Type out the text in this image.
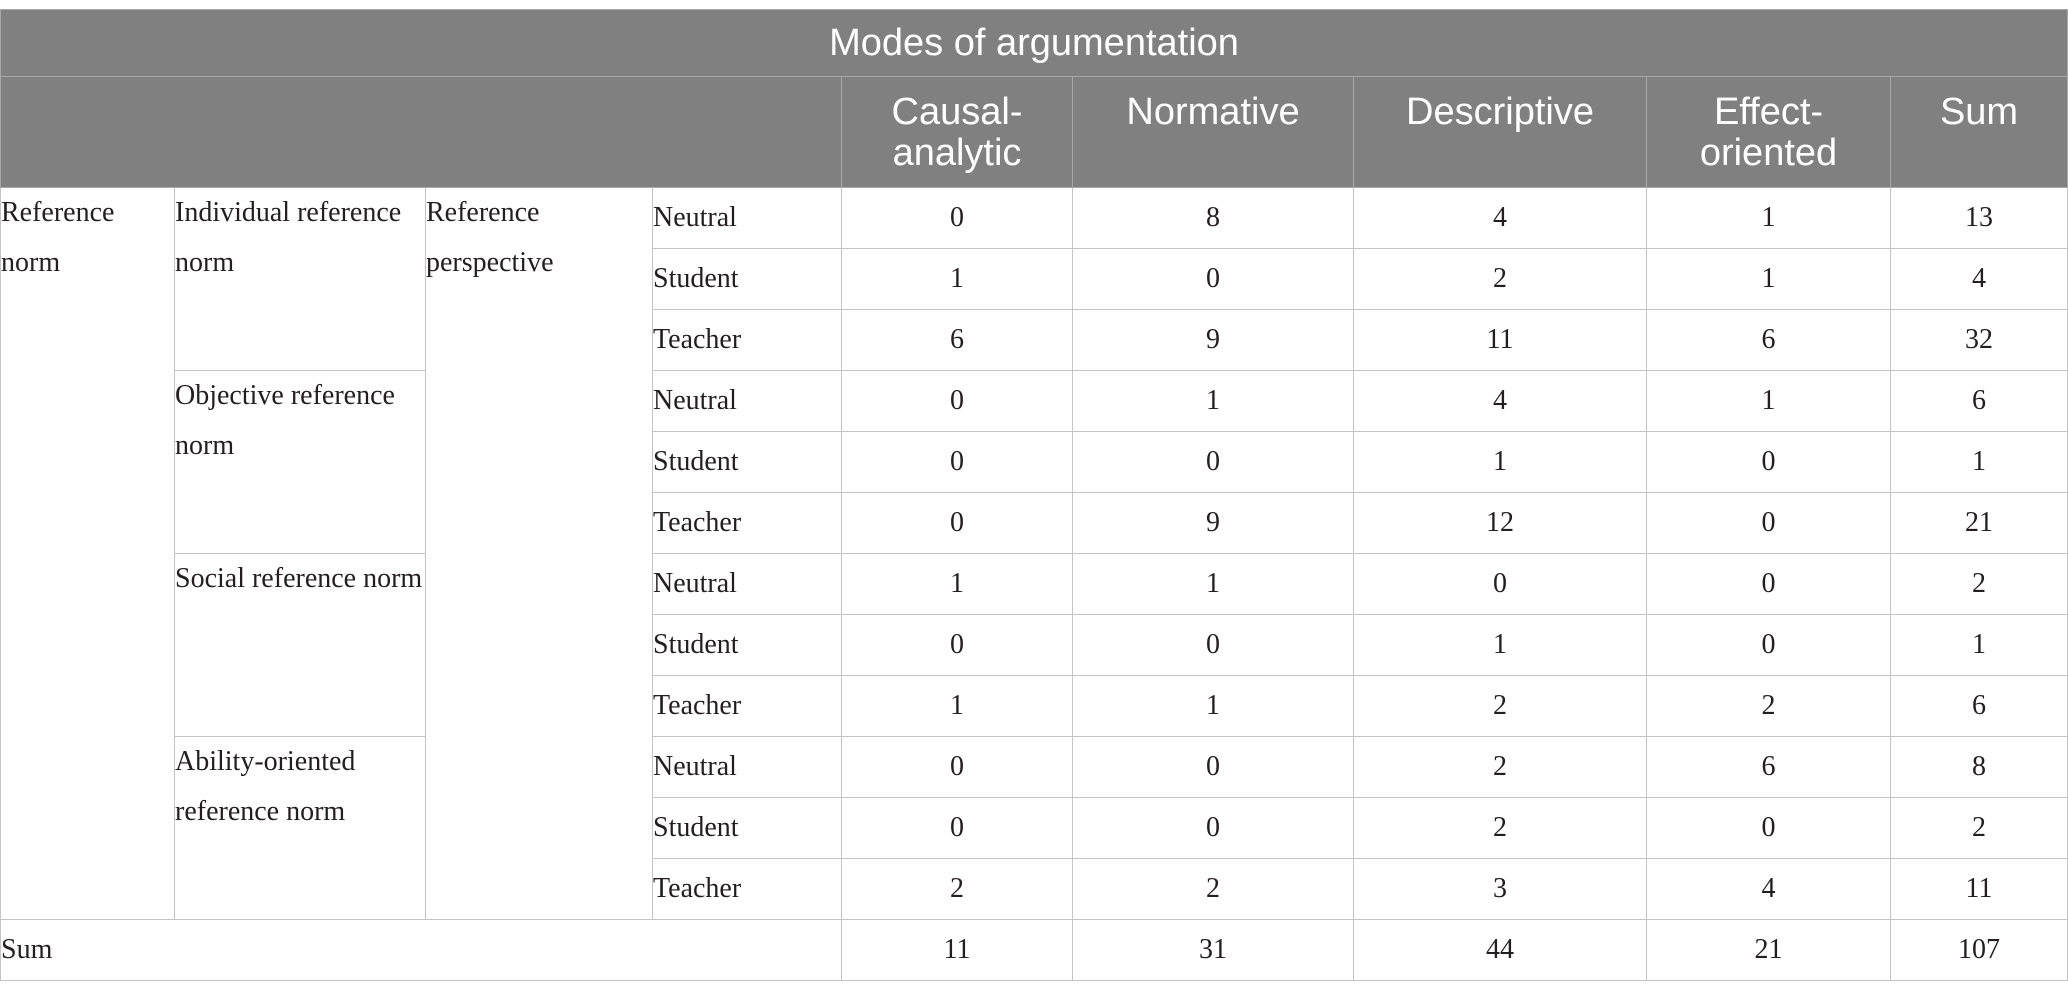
Modes of argumentation								
				Causal-analytic	Normative	Descriptive	Effect-oriented	Sum
Reference norm	Individual reference norm	Reference perspective	Neutral	0	8	4	1	13
			Student	1	0	2	1	4
			Teacher	6	9	11	6	32
	Objective reference norm		Neutral	0	1	4	1	6
			Student	0	0	1	0	1
			Teacher	0	9	12	0	21
	Social reference norm		Neutral	1	1	0	0	2
			Student	0	0	1	0	1
			Teacher	1	1	2	2	6
	Ability-oriented reference norm		Neutral	0	0	2	6	8
			Student	0	0	2	0	2
			Teacher	2	2	3	4	11
Sum				11	31	44	21	107
